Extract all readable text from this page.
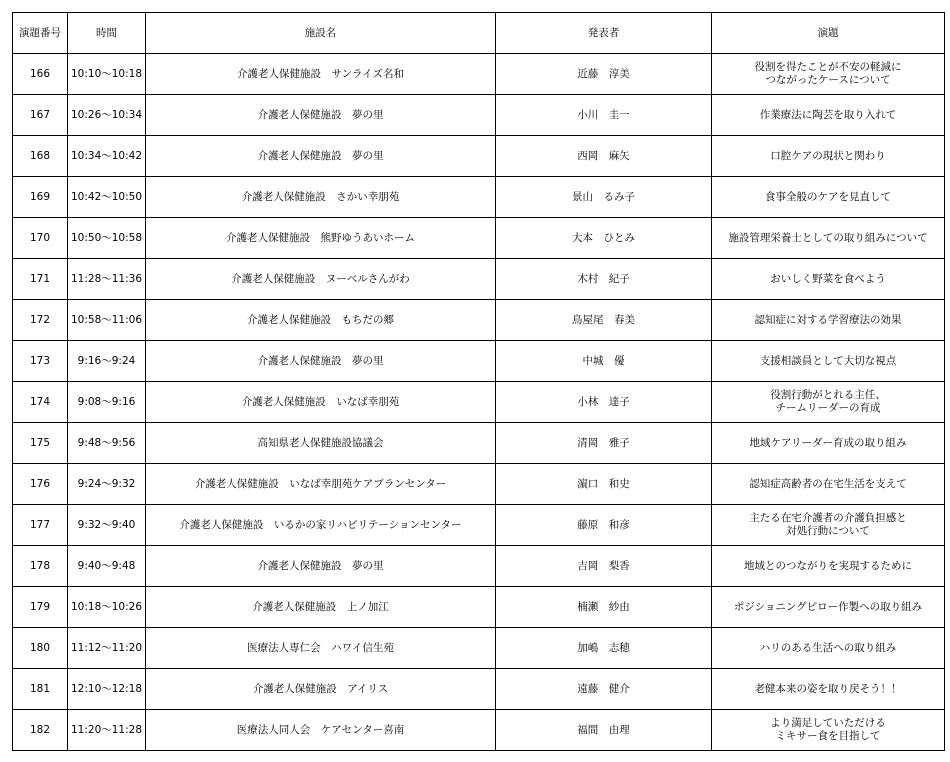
演題番号	時間	施設名	発表者	演題
166	10:10～10:18	介護老人保健施設　サンライズ名和	近藤　淳美	役割を得たことが不安の軽減に
つながったケースについて
167	10:26～10:34	介護老人保健施設　夢の里	小川　圭一	作業療法に陶芸を取り入れて
168	10:34～10:42	介護老人保健施設　夢の里	西岡　麻矢	口腔ケアの現状と関わり
169	10:42～10:50	介護老人保健施設　さかい幸朋苑	景山　るみ子	食事全般のケアを見直して
170	10:50～10:58	介護老人保健施設　熊野ゆうあいホーム	大本　ひとみ	施設管理栄養士としての取り組みについて
171	11:28～11:36	介護老人保健施設　ヌーベルさんがわ	木村　紀子	おいしく野菜を食べよう
172	10:58～11:06	介護老人保健施設　もちだの郷	鳥屋尾　春美	認知症に対する学習療法の効果
173	9:16～9:24	介護老人保健施設　夢の里	中城　優	支援相談員として大切な視点
174	9:08～9:16	介護老人保健施設　いなば幸朋苑	小林　達子	役割行動がとれる主任、
チームリーダーの育成
175	9:48～9:56	高知県老人保健施設協議会	清岡　雅子	地域ケアリーダー育成の取り組み
176	9:24～9:32	介護老人保健施設　いなば幸朋苑ケアプランセンター	濵口　和史	認知症高齢者の在宅生活を支えて
177	9:32～9:40	介護老人保健施設　いるかの家リハビリテーションセンター	藤原　和彦	主たる在宅介護者の介護負担感と
対処行動について
178	9:40～9:48	介護老人保健施設　夢の里	吉岡　梨香	地域とのつながりを実現するために
179	10:18～10:26	介護老人保健施設　上ノ加江	楠瀬　紗由	ポジショニングピロー作製への取り組み
180	11:12～11:20	医療法人専仁会　ハワイ信生苑	加嶋　志穂	ハリのある生活への取り組み
181	12:10～12:18	介護老人保健施設　アイリス	遠藤　健介	老健本来の姿を取り戻そう！！
182	11:20～11:28	医療法人同人会　ケアセンター喜南	福間　由理	より満足していただける
ミキサー食を目指して
